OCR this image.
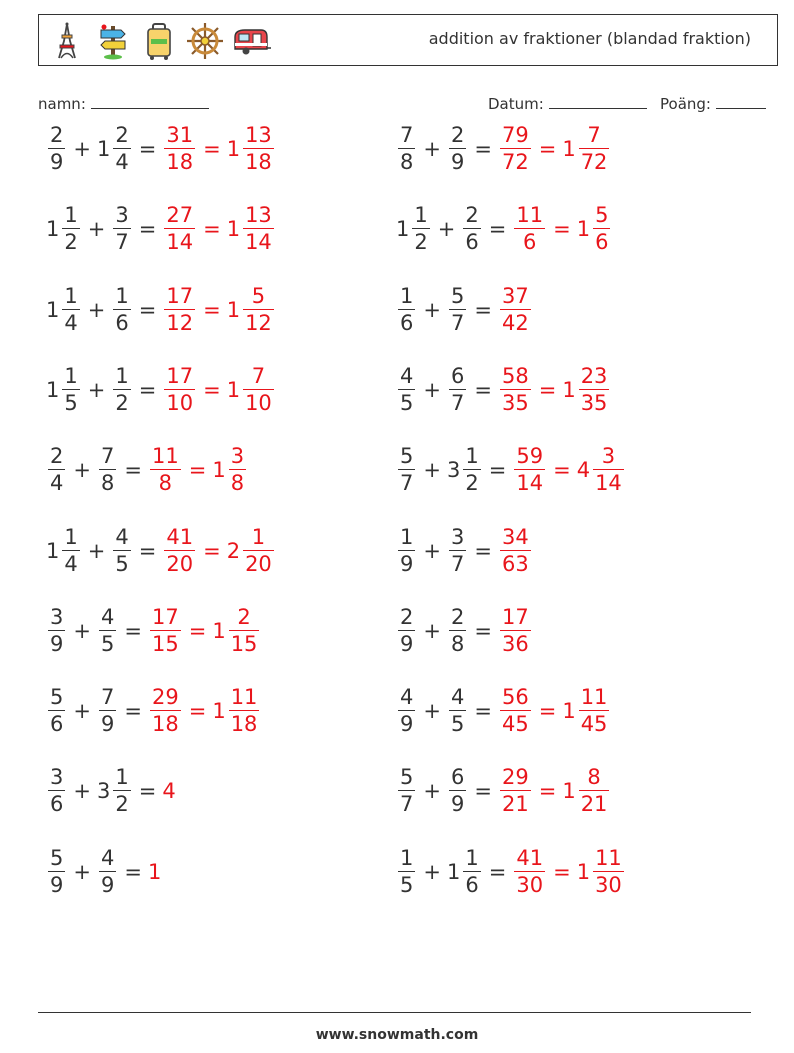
addition av fraktioner (blandad fraktion)
namn:	Datum:	Poäng:
$\frac{2}{9} + 1 \frac{2}{4} = \frac{31}{18} = 1 \frac{13}{18}$
$1 \frac{1}{2} + \frac{3}{7} = \frac{27}{14} = 1 \frac{13}{14}$
$1 \frac{1}{4} + \frac{1}{6} = \frac{17}{12} = 1 \frac{5}{12}$
$1 \frac{1}{5} + \frac{1}{2} = \frac{17}{10} = 1 \frac{7}{10}$
$\frac{2}{4} + \frac{7}{8} = \frac{11}{8} = 1 \frac{3}{8}$
$1 \frac{1}{4} + \frac{4}{5} = \frac{41}{20} = 2 \frac{1}{20}$
$\frac{3}{9} + \frac{4}{5} = \frac{17}{15} = 1 \frac{2}{15}$
$\frac{5}{6} + \frac{7}{9} = \frac{29}{18} = 1 \frac{11}{18}$
$\frac{3}{6} + 3 \frac{1}{2} = 4$
$\frac{5}{9} + \frac{4}{9} = 1$
$\frac{7}{8} + \frac{2}{9} = \frac{79}{72} = 1 \frac{7}{72}$
$1 \frac{1}{2} + \frac{2}{6} = \frac{11}{6} = 1 \frac{5}{6}$
$\frac{1}{6} + \frac{5}{7} = \frac{37}{42}$
$\frac{4}{5} + \frac{6}{7} = \frac{58}{35} = 1 \frac{23}{35}$
$\frac{5}{7} + 3 \frac{1}{2} = \frac{59}{14} = 4 \frac{3}{14}$
$\frac{1}{9} + \frac{3}{7} = \frac{34}{63}$
$\frac{2}{9} + \frac{2}{8} = \frac{17}{36}$
$\frac{4}{9} + \frac{4}{5} = \frac{56}{45} = 1 \frac{11}{45}$
$\frac{5}{7} + \frac{6}{9} = \frac{29}{21} = 1 \frac{8}{21}$
$\frac{1}{5} + 1 \frac{1}{6} = \frac{41}{30} = 1 \frac{11}{30}$
www.snowmath.com
